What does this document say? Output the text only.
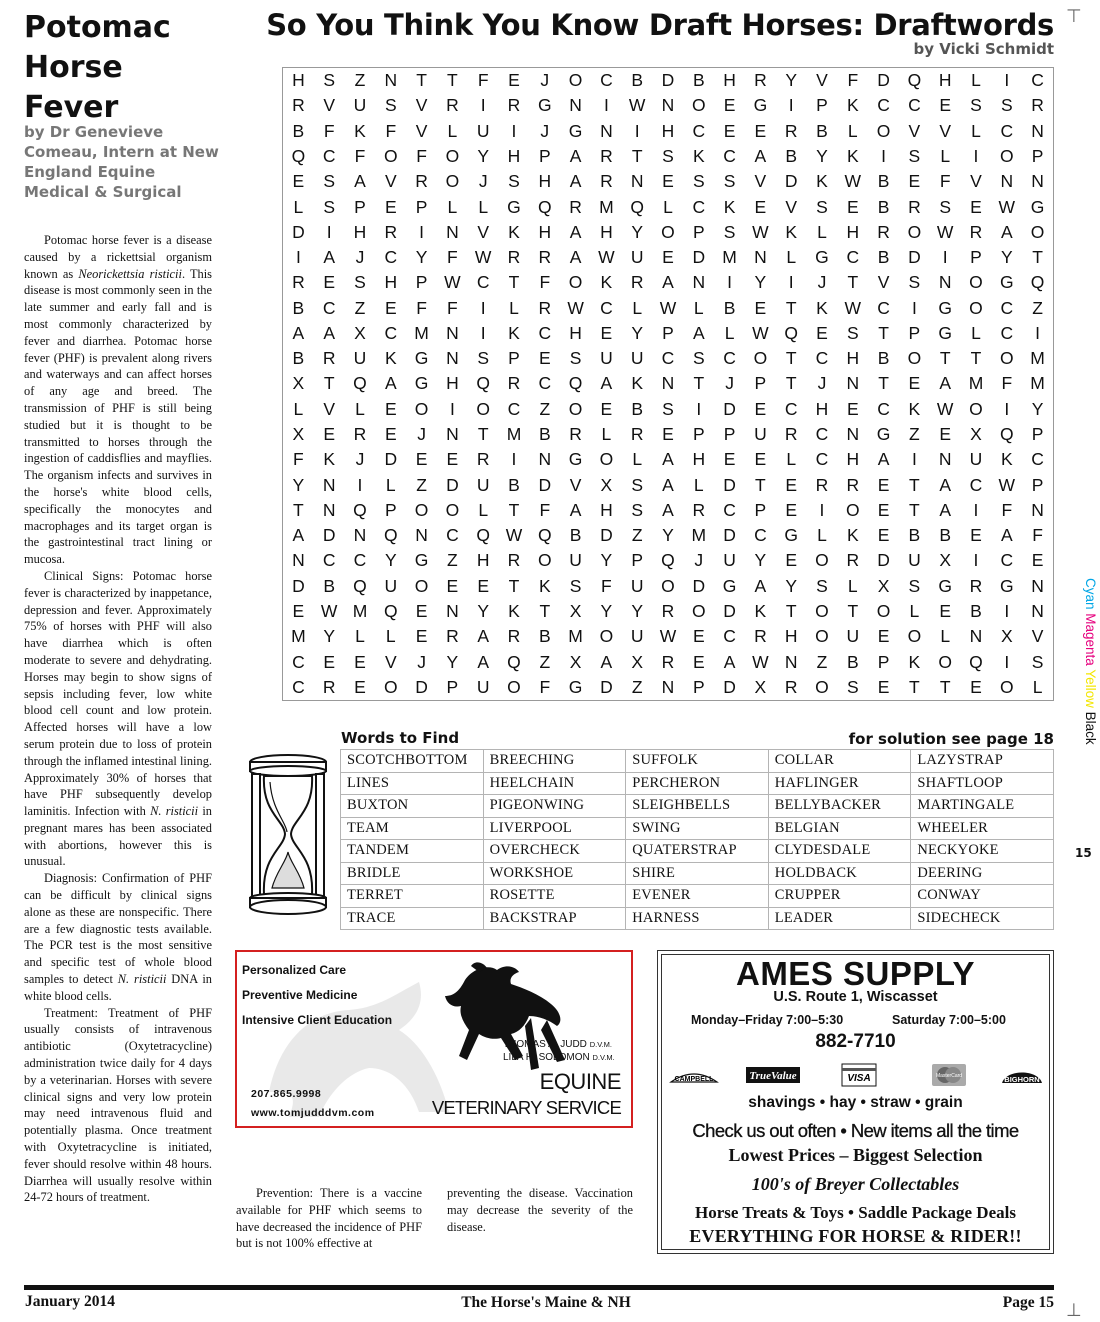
Potomac Horse Fever
by Dr Genevieve Comeau, Intern at New England Equine Medical & Surgical

Potomac horse fever is a disease caused by a rickettsial organism known as Neorickettsia risticii. This disease is most commonly seen in the late summer and early fall and is most commonly characterized by fever and diarrhea. Potomac horse fever (PHF) is prevalent along rivers and waterways and can affect horses of any age and breed. The transmission of PHF is still being studied but it is thought to be transmitted to horses through the ingestion of caddisflies and mayflies. The organism infects and survives in the horse's white blood cells, specifically the monocytes and macrophages and its target organ is the gastrointestinal tract lining or mucosa.

Clinical Signs: Potomac horse fever is characterized by inappetance, depression and fever. Approximately 75% of horses with PHF will also have diarrhea which is often moderate to severe and dehydrating. Horses may begin to show signs of sepsis including fever, low white blood cell count and low protein. Affected horses will have a low serum protein due to loss of protein through the inflamed intestinal lining. Approximately 30% of horses that have PHF subsequently develop laminitis. Infection with N. risticii in pregnant mares has been associated with abortions, however this is unusual.

Diagnosis: Confirmation of PHF can be difficult by clinical signs alone as these are nonspecific. There are a few diagnostic tests available. The PCR test is the most sensitive and specific test of whole blood samples to detect N. risticii DNA in white blood cells.

Treatment: Treatment of PHF usually consists of intravenous antibiotic (Oxytetracycline) administration twice daily for 4 days by a veterinarian. Horses with severe clinical signs and very low protein may need intravenous fluid and potentially plasma. Once treatment with Oxytetracycline is initiated, fever should resolve within 48 hours. Diarrhea will usually resolve within 24-72 hours of treatment.	Prevention: There is a vaccine available for PHF which seems to have decreased the incidence of PHF but is not 100% effective at

preventing the disease. Vaccination may decrease the severity of the disease.

So You Think You Know Draft Horses: Draftwords
by Vicki Schmidt
H	S	Z	N	T	T	F	E	J	O	C	B	D	B	H	R	Y	V	F	D	Q	H	L	I	C
R	V	U	S	V	R	I	R	G	N	I	W N	O	E	G	I	P	K	C	C	E	S	S	R
B	F	K	F	V	L	U	I	J	G	N	I	H	C	E	E	R	B	L	O	V	V	L	C	N
Q	C	F	O	F	O	Y	H	P	A	R	T	S	K	C	A	B	Y	K	I	S	L	I	O	P
E	S	A	V	R	O	J	S	H	A	R	N	E	S	S	V	D	K W B	E	F	V	N	N
L	S	P	E	P	L	L	G Q	R M Q	L	C	K	E	V	S	E	B	R	S	E W G
D	I	H	R	I	N	V	K	H	A	H	Y	O	P	S W K	L	H	R	O W R	A	O
I	A	J	C	Y	F W R	R	A W U	E	D M N	L	G	C	B	D	I	P	Y	T
R	E	S	H	P W C	T	F	O	K	R	A	N	I	Y	I	J	T	V	S	N	O G Q
B	C	Z	E	F	F	I	L	R W C	L	W	L	B	E	T	K W C	I	G O	C	Z
A	A	X	C M N	I	K	C	H	E	Y	P	A	L	W Q	E	S	T	P	G	L	C	I
B	R	U	K	G	N	S	P	E	S	U	U	C	S	C	O	T	C	H	B	O	T	T	O M
X	T	Q	A	G	H	Q	R	C	Q	A	K	N	T	J	P	T	J	N	T	E	A	M	F	M
L	V	L	E	O	I	O	C	Z	O	E	B	S	I	D	E	C	H	E	C	K W O	I	Y
X	E	R	E	J	N	T	M	B	R	L	R	E	P	P	U	R	C	N	G	Z	E	X	Q	P
F	K	J	D	E	E	R	I	N	G O	L	A	H	E	E	L	C	H	A	I	N	U	K	C
Y	N	I	L	Z	D	U	B	D	V	X	S	A	L	D	T	E	R	R	E	T	A	C W P
T	N	Q	P	O O	L	T	F	A	H	S	A	R	C	P	E	I	O	E	T	A	I	F	N
A	D	N	Q	N	C	Q W Q	B	D	Z	Y	M D	C	G	L	K	E	B	B	E	A	F
N	C	C	Y	G	Z	H	R	O	U	Y	P	Q	J	U	Y	E	O	R	D	U	X	I	C	E
D	B	Q	U	O	E	E	T	K	S	F	U	O	D	G	A	Y	S	L	X	S	G	R	G	N
E W M Q	E	N	Y	K	T	X	Y	Y	R	O	D	K	T	O	T	O	L	E	B	I	N
M	Y	L	L	E	R	A	R	B	M O	U W E	C	R	H	O	U	E	O	L	N	X	V
C	E	E	V	J	Y	A	Q	Z	X	A	X	R	E	A W N	Z	B	P	K	O Q	I	S
C	R	E	O	D	P	U	O	F	G	D	Z	N	P	D	X	R	O	S	E	T	T	E	O	L
Words to Find	for solution see page 18
SCOTCHBOTTOM	BREECHING	SUFFOLK	COLLAR	LAZYSTRAP
LINES	HEELCHAIN	PERCHERON	HAFLINGER	SHAFTLOOP
BUXTON	PIGEONWING	SLEIGHBELLS	BELLYBACKER	MARTINGALE
TEAM	LIVERPOOL	SWING	BELGIAN	WHEELER
TANDEM	OVERCHECK	QUATERSTRAP	CLYDESDALE	NECKYOKE
BRIDLE	WORKSHOE	SHIRE	HOLDBACK	DEERING
TERRET	ROSETTE	EVENER	CRUPPER	CONWAY
TRACE	BACKSTRAP	HARNESS	LEADER	SIDECHECK
Personalized Care
Preventive Medicine
Intensive Client Education
THOMAS A. JUDD D.V.M.
LILA H. SOLOMON D.V.M.
207.865.9998
www.tomjudddvm.com
EQUINE
VETERINARY SERVICE
AMES SUPPLY
U.S. Route 1, Wiscasset
Monday–Friday 7:00–5:30	Saturday 7:00–5:00
882-7710
CAMPBELL	TrueValue	VISA	MasterCard	BIGHORN
shavings • hay • straw • grain
Check us out often • New items all the time
Lowest Prices – Biggest Selection
100's of Breyer Collectables
Horse Treats & Toys • Saddle Package Deals
EVERYTHING FOR HORSE & RIDER!!
January 2014	The Horse's Maine & NH	Page 15
⊤
⊥
Cyan Magenta Yellow Black
15
